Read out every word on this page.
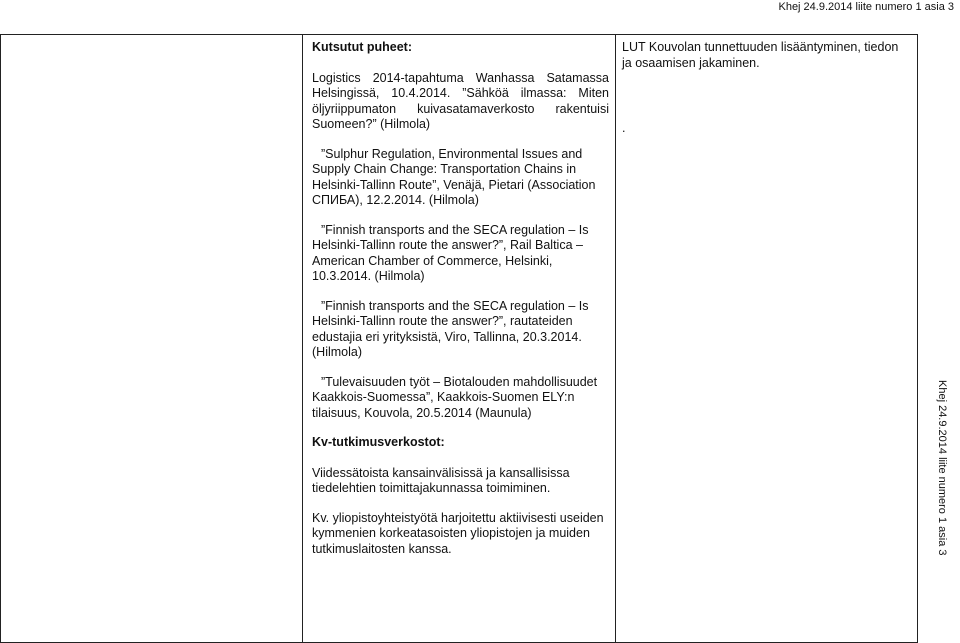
Khej 24.9.2014 liite numero 1 asia 3

Kutsutut puheet:

Logistics 2014-tapahtuma Wanhassa Satamassa Helsingissä, 10.4.2014. ”Sähköä ilmassa: Miten öljyriippumaton kuivasatamaverkosto rakentuisi Suomeen?” (Hilmola)

”Sulphur Regulation, Environmental Issues and Supply Chain Change: Transportation Chains in Helsinki-Tallinn Route”, Venäjä, Pietari (Association СПИБА), 12.2.2014. (Hilmola)

”Finnish transports and the SECA regulation – Is Helsinki-Tallinn route the answer?”, Rail Baltica – American Chamber of Commerce, Helsinki, 10.3.2014. (Hilmola)

”Finnish transports and the SECA regulation – Is Helsinki-Tallinn route the answer?”, rautateiden edustajia eri yrityksistä, Viro, Tallinna, 20.3.2014. (Hilmola)

”Tulevaisuuden työt – Biotalouden mahdollisuudet Kaakkois-Suomessa”, Kaakkois-Suomen ELY:n tilaisuus, Kouvola, 20.5.2014 (Maunula)

Kv-tutkimusverkostot:

Viidessätoista kansainvälisissä ja kansallisissa tiedelehtien toimittajakunnassa toimiminen.

Kv. yliopistoyhteistyötä harjoitettu aktiivisesti useiden kymmenien korkeatasoisten yliopistojen ja muiden tutkimuslaitosten kanssa.

LUT Kouvolan tunnettuuden lisääntyminen, tiedon ja osaamisen jakaminen.

.

Khej 24.9.2014 liite numero 1 asia 3
